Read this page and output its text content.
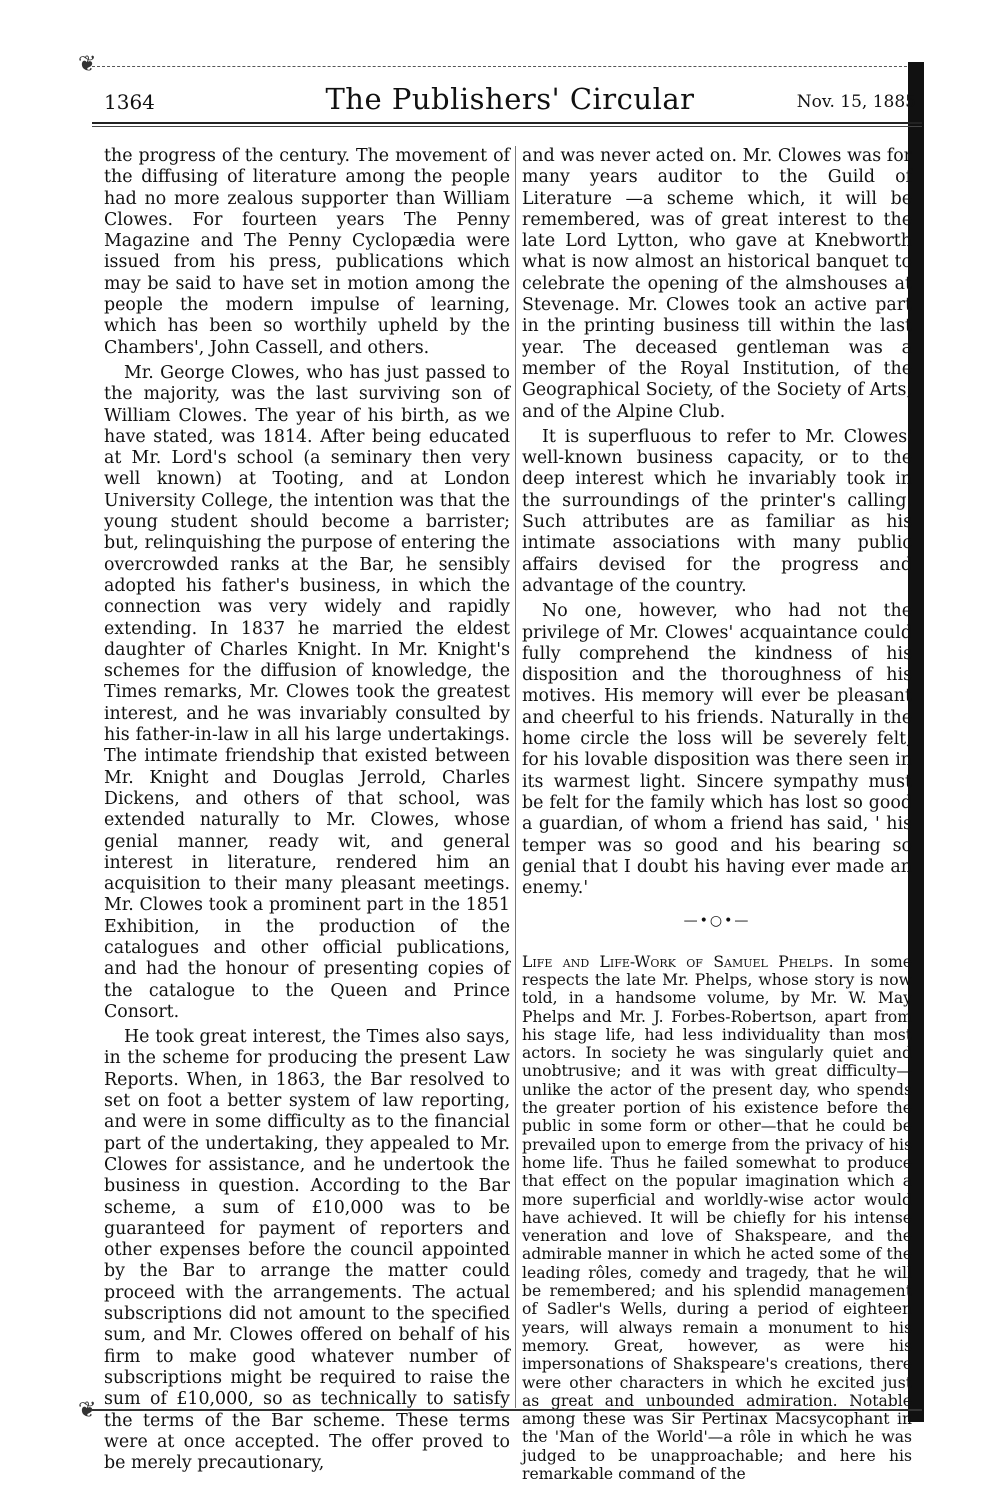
❦
❦
1364	The Publishers' Circular	Nov. 15, 1885

the progress of the century. The movement of the diffusing of literature among the people had no more zealous supporter than William Clowes. For fourteen years The Penny Magazine and The Penny Cyclopædia were issued from his press, publications which may be said to have set in motion among the people the modern impulse of learning, which has been so worthily upheld by the Chambers', John Cassell, and others.

Mr. George Clowes, who has just passed to the majority, was the last surviving son of William Clowes. The year of his birth, as we have stated, was 1814. After being educated at Mr. Lord's school (a seminary then very well known) at Tooting, and at London University College, the intention was that the young student should become a barrister; but, relinquishing the purpose of entering the overcrowded ranks at the Bar, he sensibly adopted his father's business, in which the connection was very widely and rapidly extending. In 1837 he married the eldest daughter of Charles Knight. In Mr. Knight's schemes for the diffusion of knowledge, the Times remarks, Mr. Clowes took the greatest interest, and he was invariably consulted by his father-in-law in all his large undertakings. The intimate friendship that existed between Mr. Knight and Douglas Jerrold, Charles Dickens, and others of that school, was extended naturally to Mr. Clowes, whose genial manner, ready wit, and general interest in literature, rendered him an acquisition to their many pleasant meetings. Mr. Clowes took a prominent part in the 1851 Exhibition, in the production of the catalogues and other official publications, and had the honour of presenting copies of the catalogue to the Queen and Prince Consort.

He took great interest, the Times also says, in the scheme for producing the present Law Reports. When, in 1863, the Bar resolved to set on foot a better system of law reporting, and were in some difficulty as to the financial part of the undertaking, they appealed to Mr. Clowes for assistance, and he undertook the business in question. According to the Bar scheme, a sum of £10,000 was to be guaranteed for payment of reporters and other expenses before the council appointed by the Bar to arrange the matter could proceed with the arrangements. The actual subscriptions did not amount to the specified sum, and Mr. Clowes offered on behalf of his firm to make good whatever number of subscriptions might be required to raise the sum of £10,000, so as technically to satisfy the terms of the Bar scheme. These terms were at once accepted. The offer proved to be merely precautionary,

and was never acted on. Mr. Clowes was for many years auditor to the Guild of Literature —a scheme which, it will be remembered, was of great interest to the late Lord Lytton, who gave at Knebworth what is now almost an historical banquet to celebrate the opening of the almshouses at Stevenage. Mr. Clowes took an active part in the printing business till within the last year. The deceased gentleman was a member of the Royal Institution, of the Geographical Society, of the Society of Arts, and of the Alpine Club.

It is superfluous to refer to Mr. Clowes' well-known business capacity, or to the deep interest which he invariably took in the surroundings of the printer's calling. Such attributes are as familiar as his intimate associations with many public affairs devised for the progress and advantage of the country.

No one, however, who had not the privilege of Mr. Clowes' acquaintance could fully comprehend the kindness of his disposition and the thoroughness of his motives. His memory will ever be pleasant and cheerful to his friends. Naturally in the home circle the loss will be severely felt; for his lovable disposition was there seen in its warmest light. Sincere sympathy must be felt for the family which has lost so good a guardian, of whom a friend has said, ' his temper was so good and his bearing so genial that I doubt his having ever made an enemy.'

—•○•—

Life and Life-Work of Samuel Phelps. In some respects the late Mr. Phelps, whose story is now told, in a handsome volume, by Mr. W. May Phelps and Mr. J. Forbes-Robertson, apart from his stage life, had less individuality than most actors. In society he was singularly quiet and unobtrusive; and it was with great difficulty—unlike the actor of the present day, who spends the greater portion of his existence before the public in some form or other—that he could be prevailed upon to emerge from the privacy of his home life. Thus he failed somewhat to produce that effect on the popular imagination which a more superficial and worldly-wise actor would have achieved. It will be chiefly for his intense veneration and love of Shakspeare, and the admirable manner in which he acted some of the leading rôles, comedy and tragedy, that he will be remembered; and his splendid management of Sadler's Wells, during a period of eighteen years, will always remain a monument to his memory. Great, however, as were his impersonations of Shakspeare's creations, there were other characters in which he excited just as great and unbounded admiration. Notable among these was Sir Pertinax Macsycophant in the 'Man of the World'—a rôle in which he was judged to be unapproachable; and here his remarkable command of the
